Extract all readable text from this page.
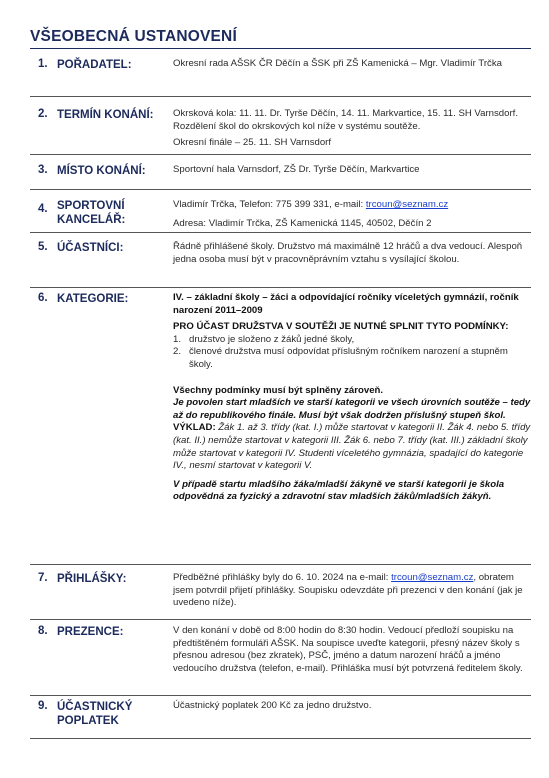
VŠEOBECNÁ USTANOVENÍ
1. POŘADATEL:	Okresní rada AŠSK ČR Děčín a ŠSK při ZŠ Kamenická – Mgr. Vladimír Trčka
2. TERMÍN KONÁNÍ:	Okrsková kola: 11. 11. Dr. Tyrše Děčín, 14. 11. Markvartice, 15. 11. SH Varnsdorf. Rozdělení škol do okrskových kol níže v systému soutěže.

Okresní finále – 25. 11. SH Varnsdorf

3. MÍSTO KONÁNÍ:	Sportovní hala Varnsdorf, ZŠ Dr. Tyrše Děčín, Markvartice
4. SPORTOVNÍ KANCELÁŘ:

Vladimír Trčka, Telefon: 775 399 331, e-mail: trcoun@seznam.cz

Adresa: Vladimír Trčka, ZŠ Kamenická 1145, 40502, Děčín 2

5. ÚČASTNÍCI:	Řádně přihlášené školy. Družstvo má maximálně 12 hráčů a dva vedoucí. Alespoň jedna osoba musí být v pracovněprávním vztahu s vysílající školou.
6. KATEGORIE:	IV. – základní školy – žáci a odpovídající ročníky víceletých gymnázií, ročník narození 2011–2009

PRO ÚČAST DRUŽSTVA V SOUTĚŽI JE NUTNÉ SPLNIT TYTO PODMÍNKY:

1. družstvo je složeno z žáků jedné školy,
2. členové družstva musí odpovídat příslušným ročníkem narození a stupněm školy.

Všechny podmínky musí být splněny zároveň.

Je povolen start mladších ve starší kategorii ve všech úrovních soutěže – tedy až do republikového finále. Musí být však dodržen příslušný stupeň škol.

VÝKLAD: Žák 1. až 3. třídy (kat. I.) může startovat v kategorii II. Žák 4. nebo 5. třídy (kat. II.) nemůže startovat v kategorii III. Žák 6. nebo 7. třídy (kat. III.) základní školy může startovat v kategorii IV. Studenti víceletého gymnázia, spadající do kategorie IV., nesmí startovat v kategorii V.

V případě startu mladšího žáka/mladší žákyně ve starší kategorii je škola odpovědná za fyzický a zdravotní stav mladších žáků/mladších žákyň.

7. PŘIHLÁŠKY:	Předběžné přihlášky byly do 6. 10. 2024 na e-mail: trcoun@seznam.cz, obratem jsem potvrdil přijetí přihlášky. Soupisku odevzdáte při prezenci v den konání (jak je uvedeno níže).

8. PREZENCE:	V den konání v době od 8:00 hodin do 8:30 hodin. Vedoucí předloží soupisku na předtištěném formuláři AŠSK. Na soupisce uveďte kategorii, přesný název školy s přesnou adresou (bez zkratek), PSČ, jméno a datum narození hráčů a jméno vedoucího družstva (telefon, e-mail). Přihláška musí být potvrzená ředitelem školy.
9. ÚČASTNICKÝ POPLATEK
Účastnický poplatek 200 Kč za jedno družstvo.
